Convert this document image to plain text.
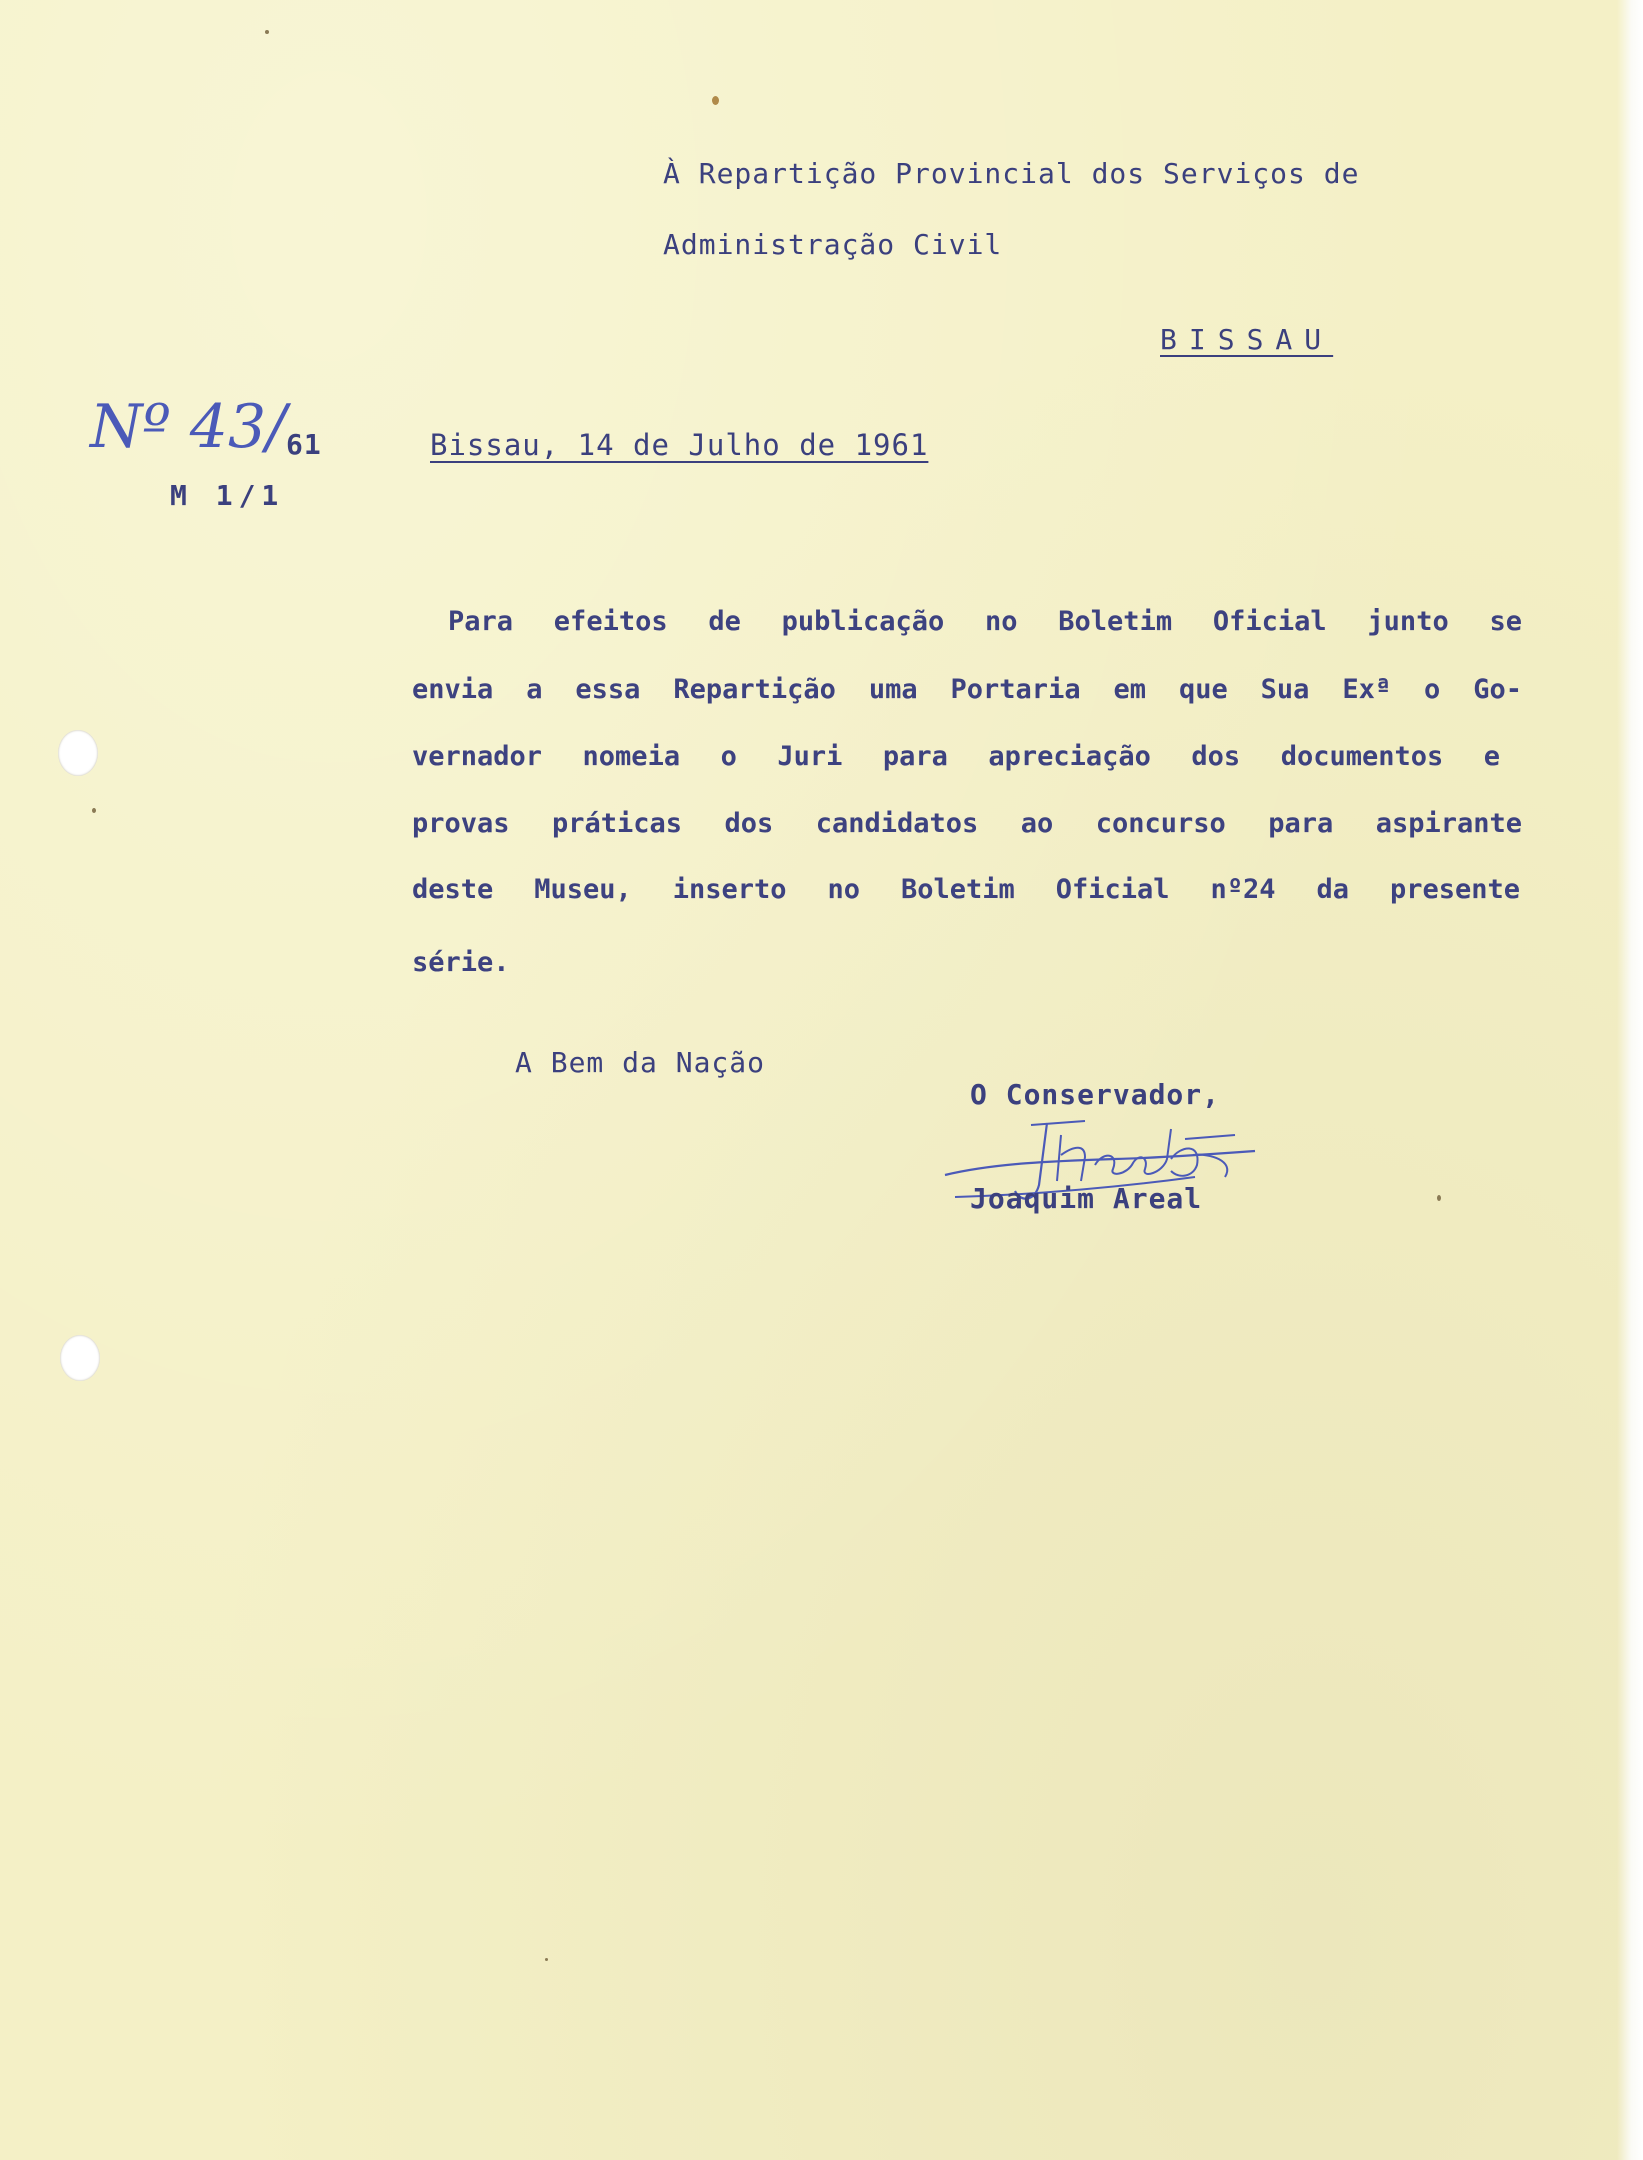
À Repartição Provincial dos Serviços de
Administração Civil
BISSAU
Nº 43/ 61
M 1/1
Bissau, 14 de Julho de 1961
Para efeitos de publicação no Boletim Oficial junto se
envia a essa Repartição uma Portaria em que Sua Exª o Go-
vernador nomeia o Juri para apreciação dos documentos e
provas práticas dos candidatos ao concurso para aspirante
deste Museu, inserto no Boletim Oficial nº24 da presente
série.
A Bem da Nação
O Conservador,
Joaquim Areal
